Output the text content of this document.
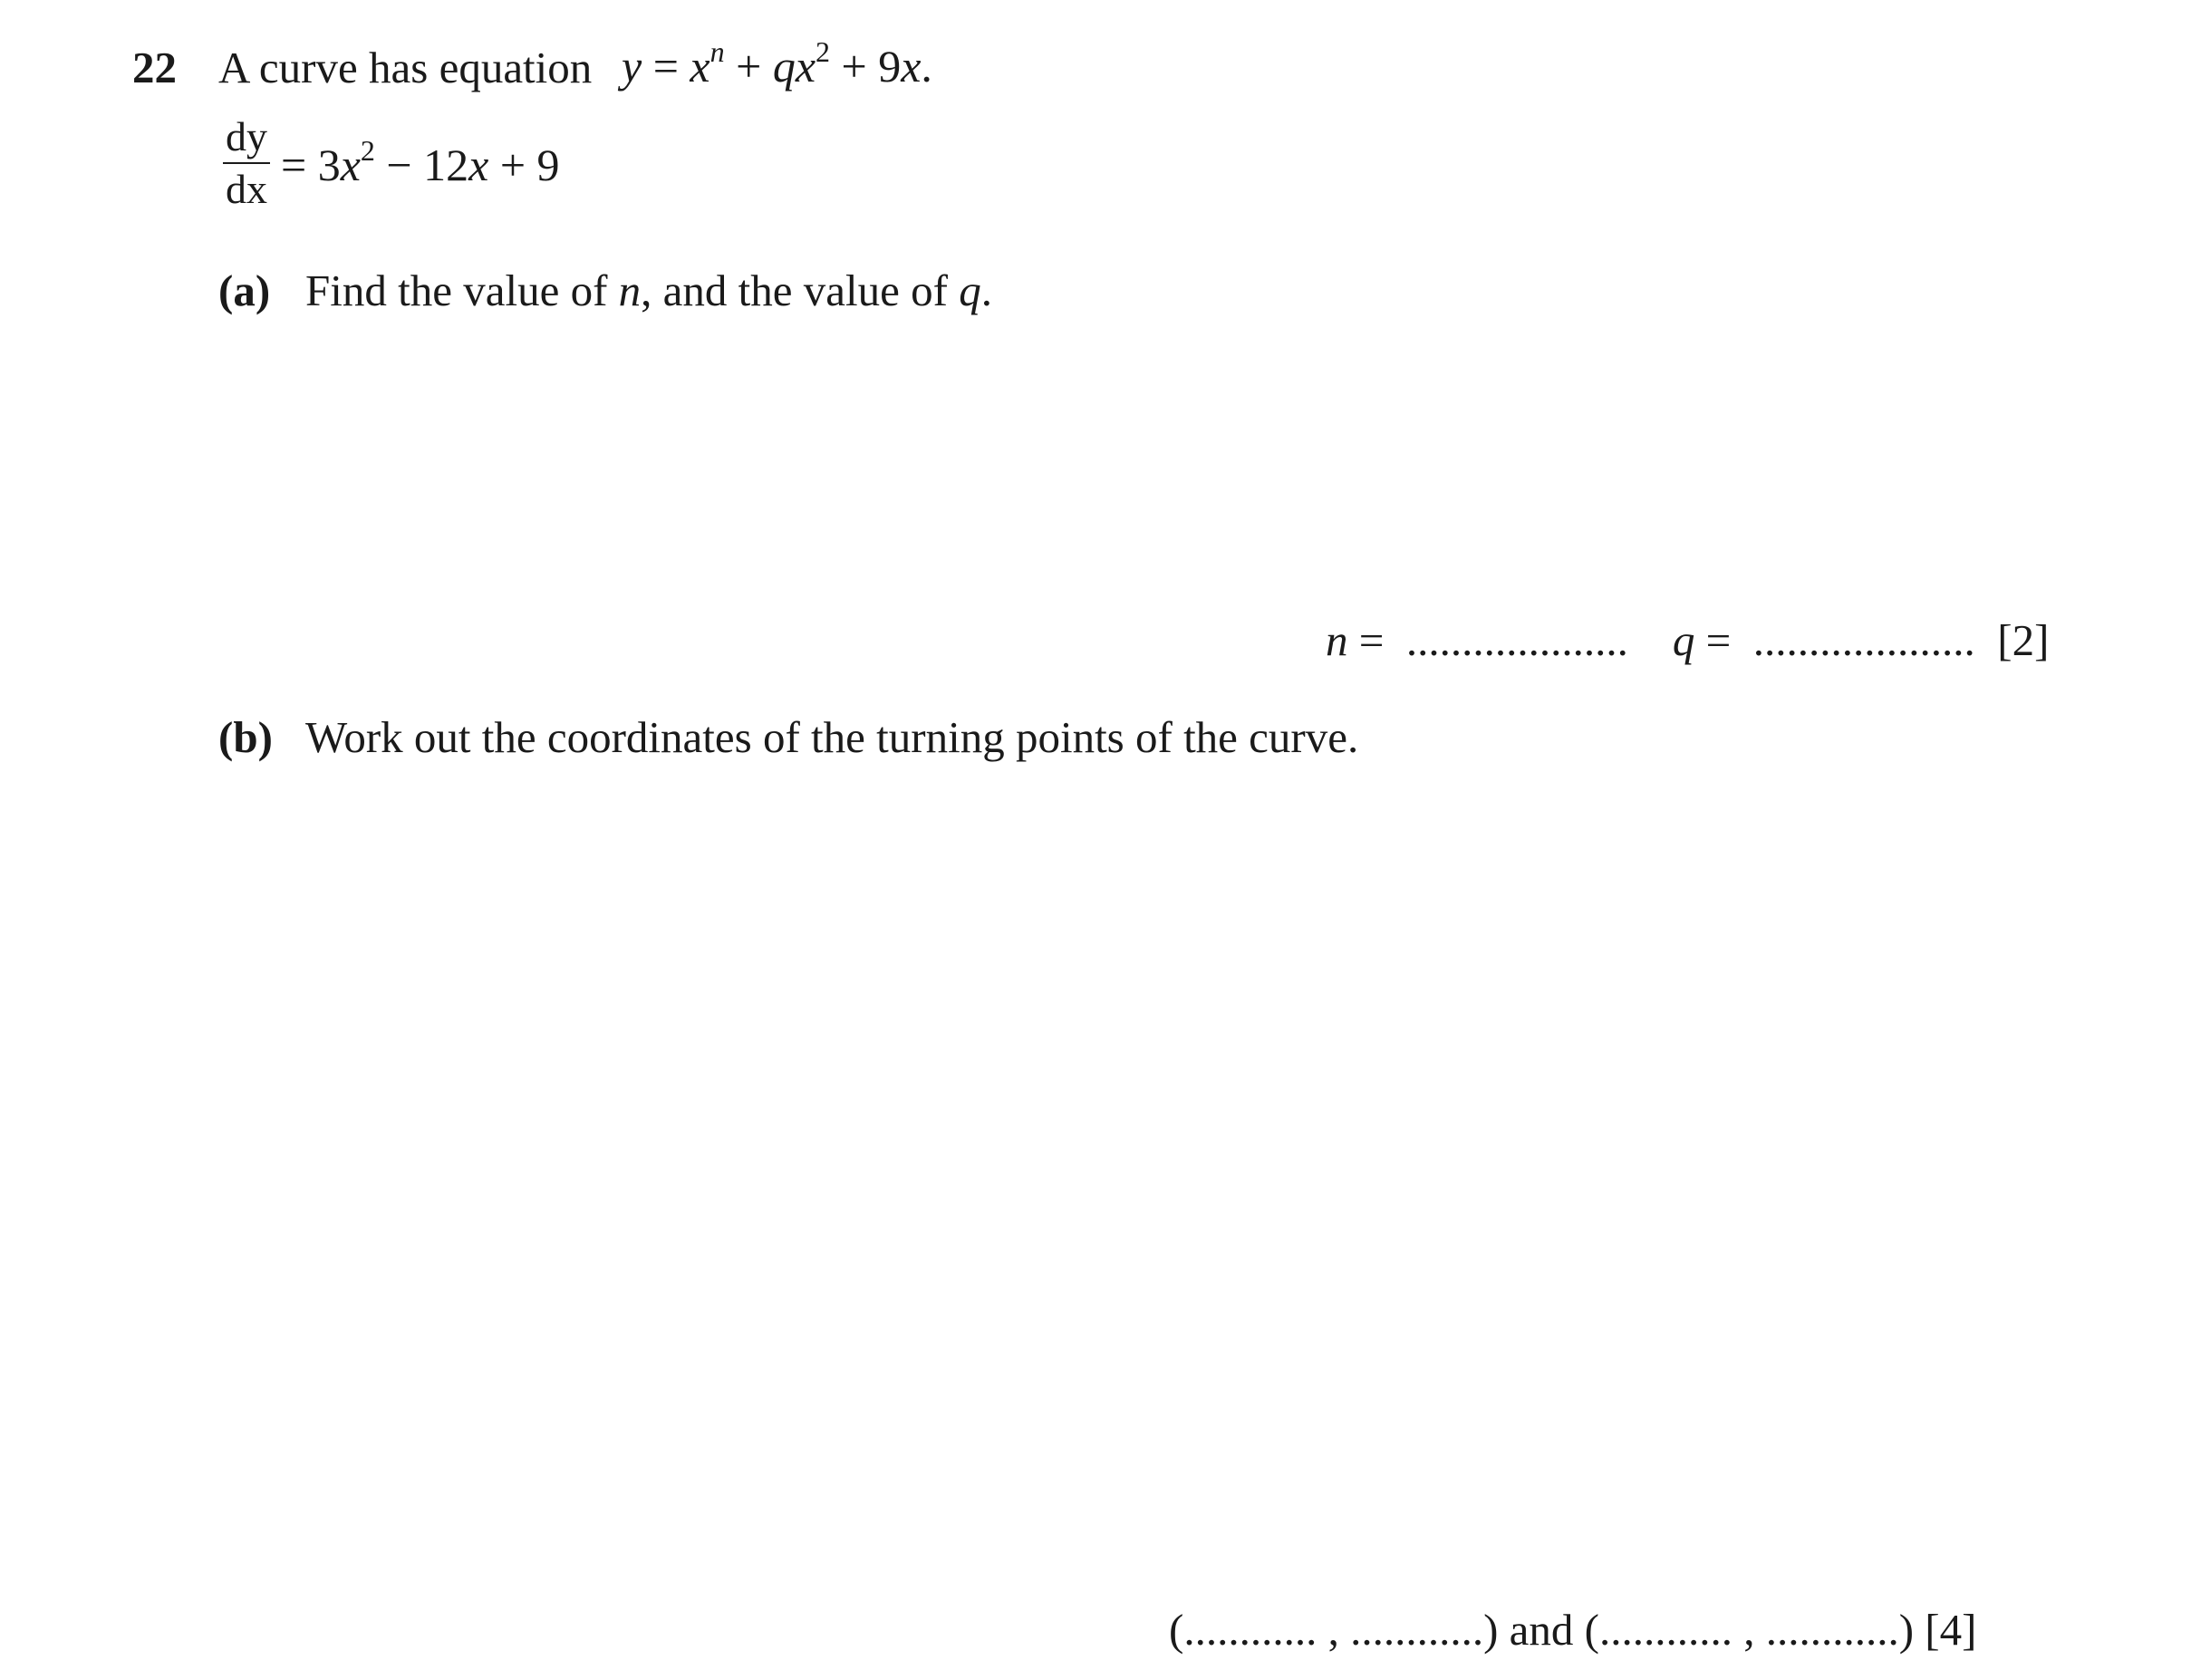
22 A curve has equation $y = x^n + qx^2 + 9x$.
dy
dx = $3x^2 - 12x + 9$
(a) Find the value of n, and the value of q.
n =  ....................    q =  ....................  [2]
(b) Work out the coordinates of the turning points of the curve.
(............ , ............) and (............ , ............) [4]
